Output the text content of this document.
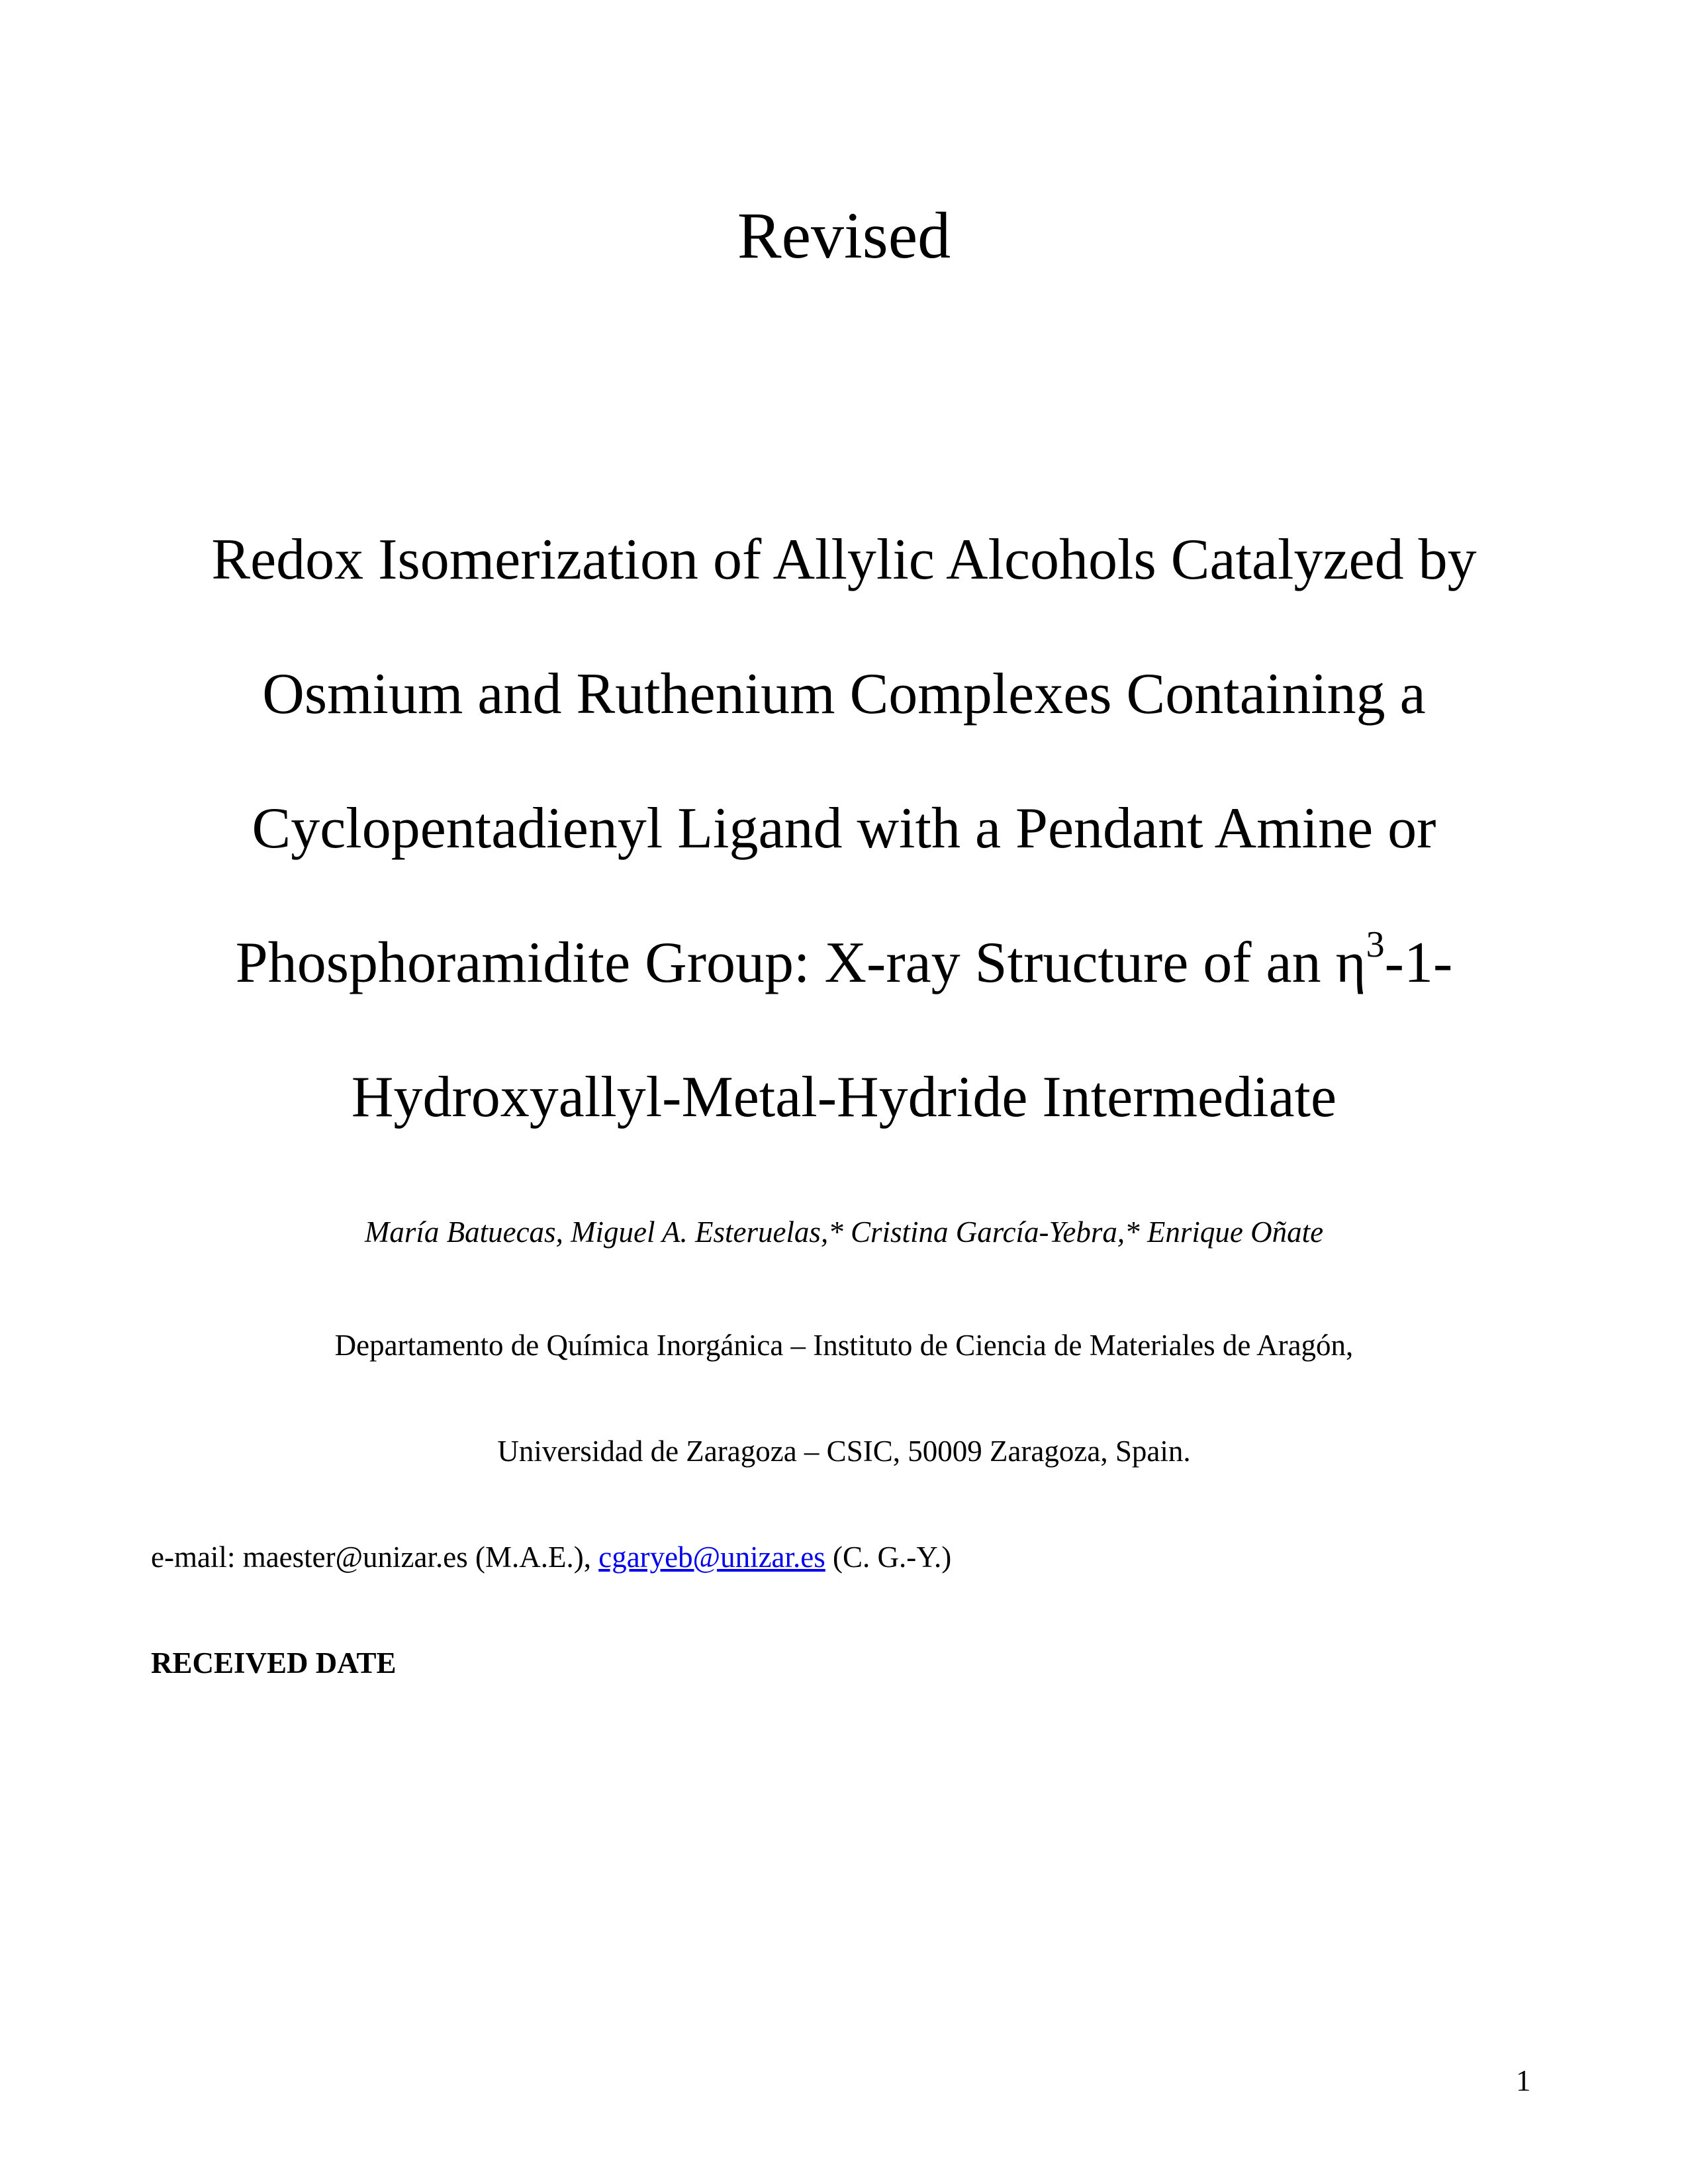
Revised
Redox Isomerization of Allylic Alcohols Catalyzed by
Osmium and Ruthenium Complexes Containing a
Cyclopentadienyl Ligand with a Pendant Amine or
Phosphoramidite Group: X-ray Structure of an $\eta^3-1-$
Hydroxyallyl-Metal-Hydride Intermediate
María Batuecas, Miguel A. Esteruelas,* Cristina García-Yebra,* Enrique Oñate
Departamento de Química Inorgánica – Instituto de Ciencia de Materiales de Aragón,
Universidad de Zaragoza – CSIC, 50009 Zaragoza, Spain.
e-mail: maester@unizar.es (M.A.E.), cgaryeb@unizar.es (C. G.-Y.)
RECEIVED DATE
1
